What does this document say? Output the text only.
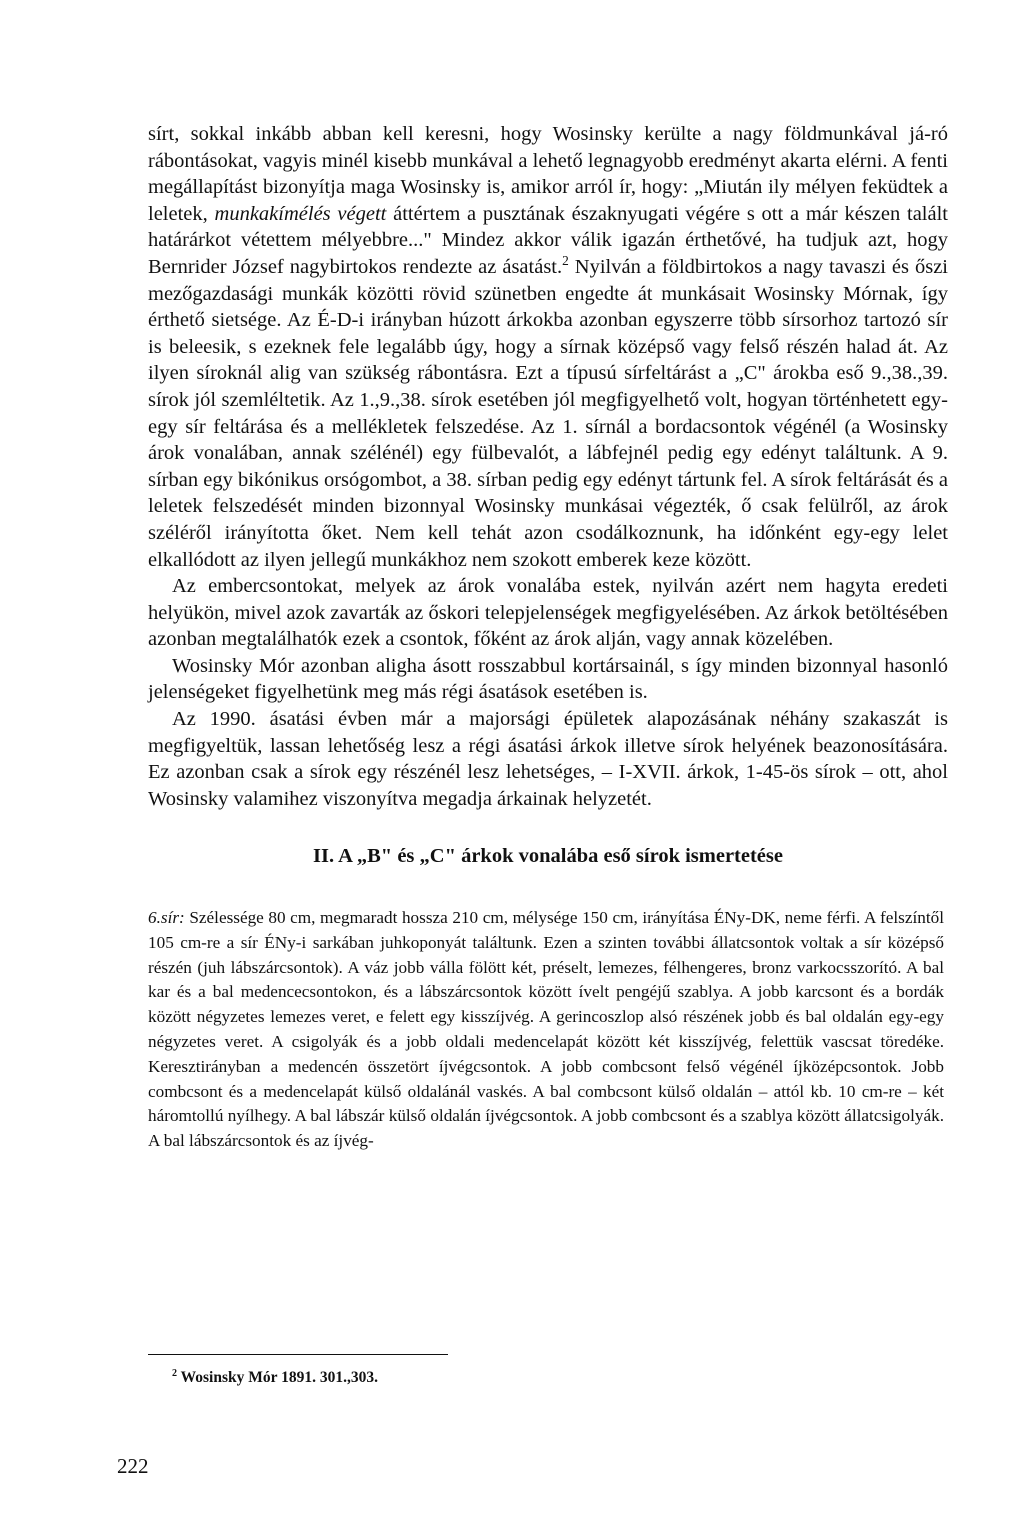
sírt, sokkal inkább abban kell keresni, hogy Wosinsky kerülte a nagy földmunkával já-ró rábontásokat, vagyis minél kisebb munkával a lehető legnagyobb eredményt akarta elérni. A fenti megállapítást bizonyítja maga Wosinsky is, amikor arról ír, hogy: „Miután ily mélyen feküdtek a leletek, munkakímélés végett áttértem a pusztának északnyugati végére s ott a már készen talált határárkot vétettem mélyebbre..." Mindez akkor válik igazán érthetővé, ha tudjuk azt, hogy Bernrider József nagybirtokos rendezte az ásatást.$^2$ Nyilván a földbirtokos a nagy tavaszi és őszi mezőgazdasági munkák közötti rövid szünetben engedte át munkásait Wosinsky Mórnak, így érthető sietsége. Az É-D-i irányban húzott árkokba azonban egyszerre több sírsorhoz tartozó sír is beleesik, s ezeknek fele legalább úgy, hogy a sírnak középső vagy felső részén halad át. Az ilyen síroknál alig van szükség rábontásra. Ezt a típusú sírfeltárást a „C" árokba eső 9.,38.,39. sírok jól szemléltetik. Az 1.,9.,38. sírok esetében jól megfigyelhető volt, hogyan történhetett egy-egy sír feltárása és a mellékletek felszedése. Az 1. sírnál a bordacsontok végénél (a Wosinsky árok vonalában, annak szélénél) egy fülbevalót, a lábfejnél pedig egy edényt találtunk. A 9. sírban egy bikónikus orsógombot, a 38. sírban pedig egy edényt tártunk fel. A sírok feltárását és a leletek felszedését minden bizonnyal Wosinsky munkásai végezték, ő csak felülről, az árok széléről irányította őket. Nem kell tehát azon csodálkoznunk, ha időnként egy-egy lelet elkallódott az ilyen jellegű munkákhoz nem szokott emberek keze között.

Az embercsontokat, melyek az árok vonalába estek, nyilván azért nem hagyta eredeti helyükön, mivel azok zavarták az őskori telepjelenségek megfigyelésében. Az árkok betöltésében azonban megtalálhatók ezek a csontok, főként az árok alján, vagy annak közelében.

Wosinsky Mór azonban aligha ásott rosszabbul kortársainál, s így minden bizonnyal hasonló jelenségeket figyelhetünk meg más régi ásatások esetében is.

Az 1990. ásatási évben már a majorsági épületek alapozásának néhány szakaszát is megfigyeltük, lassan lehetőség lesz a régi ásatási árkok illetve sírok helyének beazonosítására. Ez azonban csak a sírok egy részénél lesz lehetséges, – I-XVII. árkok, 1-45-ös sírok – ott, ahol Wosinsky valamihez viszonyítva megadja árkainak helyzetét.

II. A „B" és „C" árkok vonalába eső sírok ismertetése
6.sír: Szélessége 80 cm, megmaradt hossza 210 cm, mélysége 150 cm, irányítása ÉNy-DK, neme férfi. A felszíntől 105 cm-re a sír ÉNy-i sarkában juhkoponyát találtunk. Ezen a szinten további állatcsontok voltak a sír középső részén (juh lábszárcsontok). A váz jobb válla fölött két, préselt, lemezes, félhengeres, bronz varkocsszorító. A bal kar és a bal medencecsontokon, és a lábszárcsontok között ívelt pengéjű szablya. A jobb karcsont és a bordák között négyzetes lemezes veret, e felett egy kisszíjvég. A gerincoszlop alsó részének jobb és bal oldalán egy-egy négyzetes veret. A csigolyák és a jobb oldali medencelapát között két kisszíjvég, felettük vascsat töredéke. Keresztirányban a medencén összetört íjvégcsontok. A jobb combcsont felső végénél íjközépcsontok. Jobb combcsont és a medencelapát külső oldalánál vaskés. A bal combcsont külső oldalán – attól kb. 10 cm-re – két háromtollú nyílhegy. A bal lábszár külső oldalán íjvégcsontok. A jobb combcsont és a szablya között állatcsigolyák. A bal lábszárcsontok és az íjvég-
$^2$ Wosinsky Mór 1891. 301.,303.
222
